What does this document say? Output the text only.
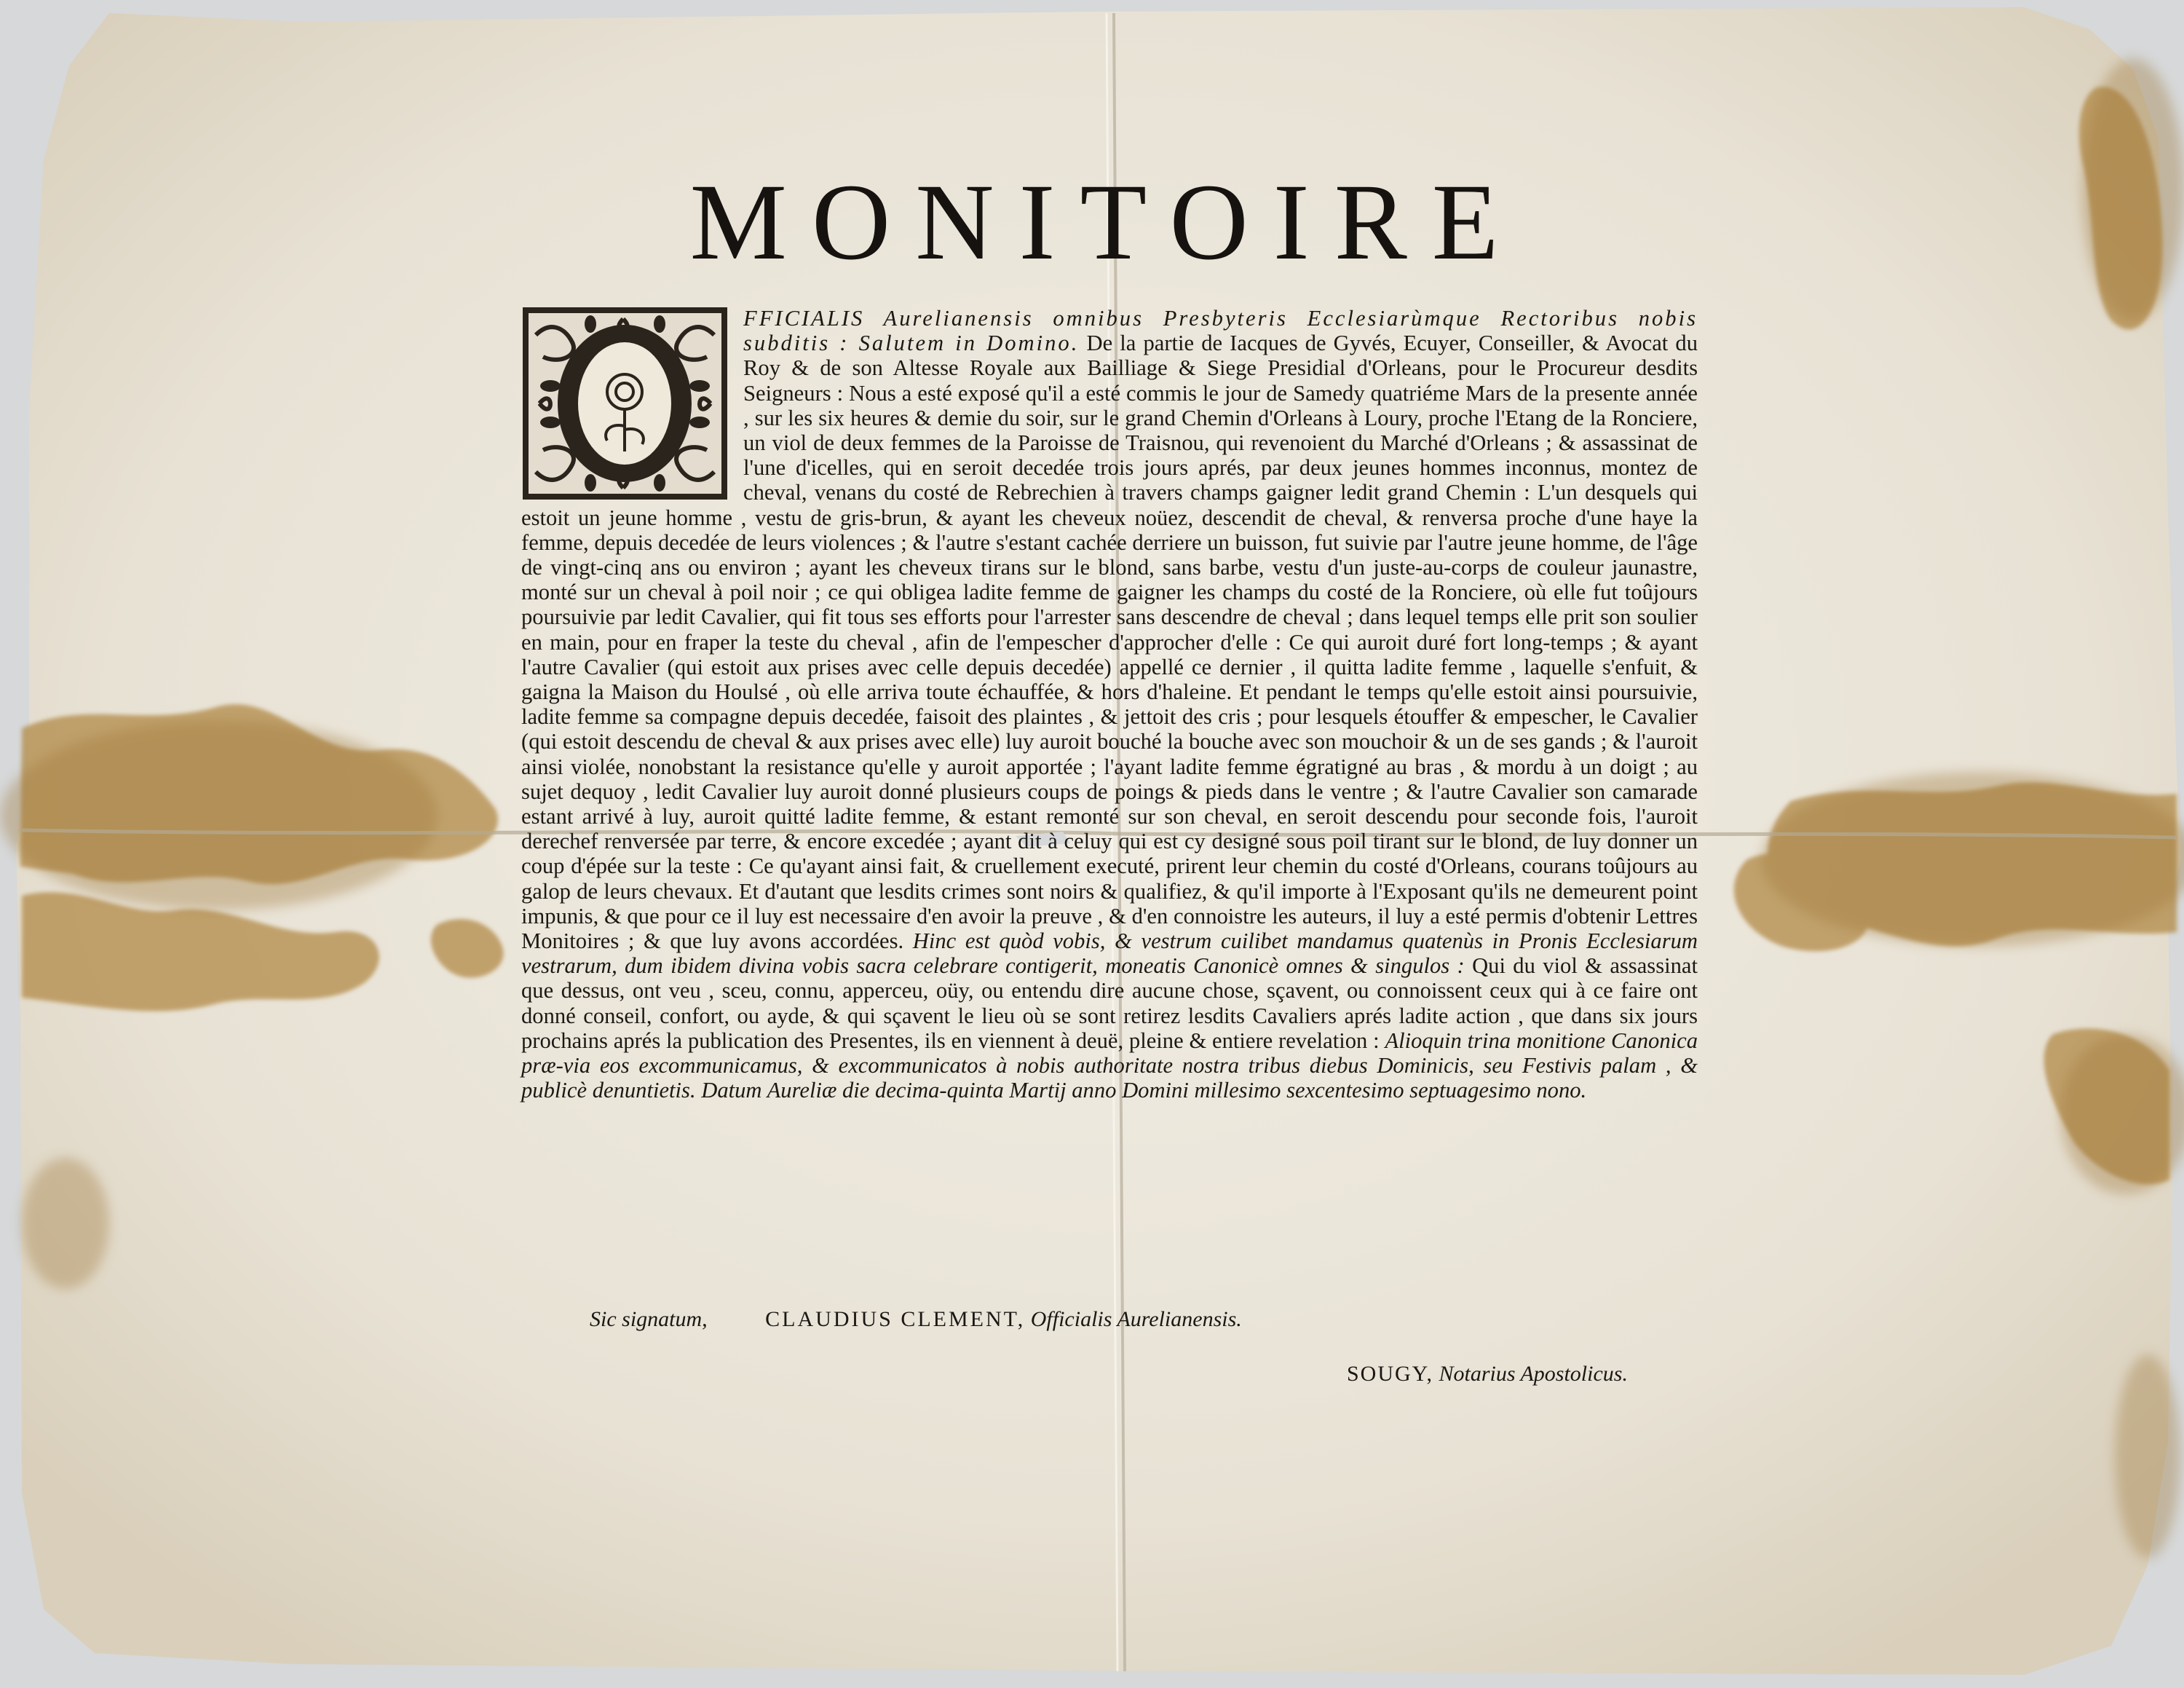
MONITOIRE

FFICIALIS Aurelianensis omnibus Presbyteris Ecclesiarùmque Rectoribus nobis subditis : Salutem in Domino. De la partie de Iacques de Gyvés, Ecuyer, Conseiller, & Avocat du Roy & de son Altesse Royale aux Bailliage & Siege Presidial d'Orleans, pour le Procureur desdits Seigneurs : Nous a esté exposé qu'il a esté commis le jour de Samedy quatriéme Mars de la presente année , sur les six heures & demie du soir, sur le grand Chemin d'Orleans à Loury, proche l'Etang de la Ronciere, un viol de deux femmes de la Paroisse de Traisnou, qui revenoient du Marché d'Orleans ; & assassinat de l'une d'icelles, qui en seroit decedée trois jours aprés, par deux jeunes hommes inconnus, montez de cheval, venans du costé de Rebrechien à travers champs gaigner ledit grand Chemin : L'un desquels qui estoit un jeune homme , vestu de gris-brun, & ayant les cheveux noüez, descendit de cheval, & renversa proche d'une haye la femme, depuis decedée de leurs violences ; & l'autre s'estant cachée derriere un buisson, fut suivie par l'autre jeune homme, de l'âge de vingt-cinq ans ou environ ; ayant les cheveux tirans sur le blond, sans barbe, vestu d'un juste-au-corps de couleur jaunastre, monté sur un cheval à poil noir ; ce qui obligea ladite femme de gaigner les champs du costé de la Ronciere, où elle fut toûjours poursuivie par ledit Cavalier, qui fit tous ses efforts pour l'arrester sans descendre de cheval ; dans lequel temps elle prit son soulier en main, pour en fraper la teste du cheval , afin de l'empescher d'approcher d'elle : Ce qui auroit duré fort long-temps ; & ayant l'autre Cavalier (qui estoit aux prises avec celle depuis decedée) appellé ce dernier , il quitta ladite femme , laquelle s'enfuit, & gaigna la Maison du Houlsé , où elle arriva toute échauffée, & hors d'haleine. Et pendant le temps qu'elle estoit ainsi poursuivie, ladite femme sa compagne depuis decedée, faisoit des plaintes , & jettoit des cris ; pour lesquels étouffer & empescher, le Cavalier (qui estoit descendu de cheval & aux prises avec elle) luy auroit bouché la bouche avec son mouchoir & un de ses gands ; & l'auroit ainsi violée, nonobstant la resistance qu'elle y auroit apportée ; l'ayant ladite femme égratigné au bras , & mordu à un doigt ; au sujet dequoy , ledit Cavalier luy auroit donné plusieurs coups de poings & pieds dans le ventre ; & l'autre Cavalier son camarade estant arrivé à luy, auroit quitté ladite femme, & estant remonté sur son cheval, en seroit descendu pour seconde fois, l'auroit derechef renversée par terre, & encore excedée ; ayant dit à celuy qui est cy designé sous poil tirant sur le blond, de luy donner un coup d'épée sur la teste : Ce qu'ayant ainsi fait, & cruellement executé, prirent leur chemin du costé d'Orleans, courans toûjours au galop de leurs chevaux. Et d'autant que lesdits crimes sont noirs & qualifiez, & qu'il importe à l'Exposant qu'ils ne demeurent point impunis, & que pour ce il luy est necessaire d'en avoir la preuve , & d'en connoistre les auteurs, il luy a esté permis d'obtenir Lettres Monitoires ; & que luy avons accordées. Hinc est quòd vobis, & vestrum cuilibet mandamus quatenùs in Pronis Ecclesiarum vestrarum, dum ibidem divina vobis sacra celebrare contigerit, moneatis Canonicè omnes & singulos : Qui du viol & assassinat que dessus, ont veu , sceu, connu, apperceu, oüy, ou entendu dire aucune chose, sçavent, ou connoissent ceux qui à ce faire ont donné conseil, confort, ou ayde, & qui sçavent le lieu où se sont retirez lesdits Cavaliers aprés ladite action , que dans six jours prochains aprés la publication des Presentes, ils en viennent à deuë, pleine & entiere revelation : Alioquin trina monitione Canonica præ-via eos excommunicamus, & excommunicatos à nobis authoritate nostra tribus diebus Dominicis, seu Festivis palam , & publicè denuntietis. Datum Aureliæ die decima-quinta Martij anno Domini millesimo sexcentesimo septuagesimo nono.

Sic signatum,	CLAUDIUS CLEMENT, Officialis Aurelianensis.
SOUGY, Notarius Apostolicus.
